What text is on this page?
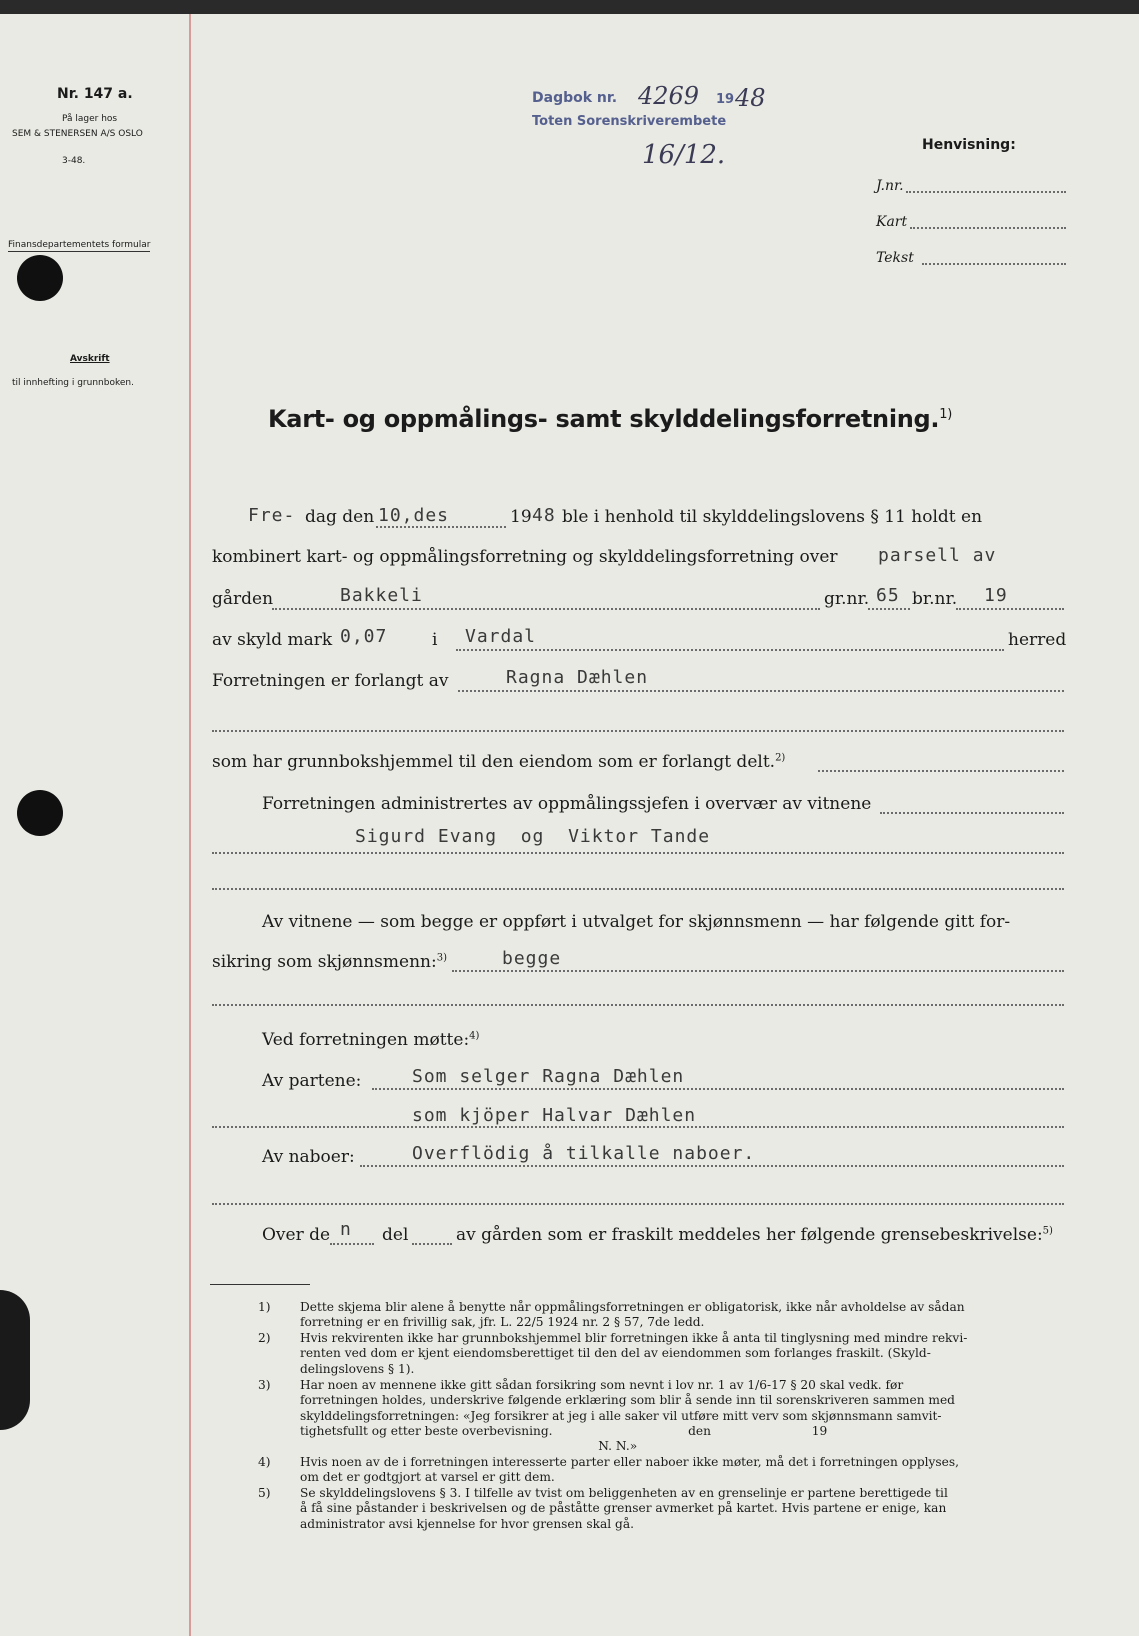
Nr. 147 a.
På lager hos
SEM & STENERSEN A/S OSLO
3-48.
Finansdepartementets formular
Avskrift
til innhefting i grunnboken.
Dagbok nr. 4269 19 48
Toten Sorenskriverembete
16/12.	Henvisning:
J.nr.
Kart
Tekst
Kart- og oppmålings- samt skylddelingsforretning.$^{1)}$
Fre- dag den 10,des	19 48 ble i henhold til skylddelingslovens § 11 holdt en
kombinert kart- og oppmålingsforretning og skylddelingsforretning over parsell av
gården	Bakkeli	gr.nr. 65 br.nr. 19
av skyld mark 0,07	i Vardal	herred
Forretningen er forlangt av	Ragna Dæhlen
som har grunnbokshjemmel til den eiendom som er forlangt delt.$^{2)}$
Forretningen administrertes av oppmålingssjefen i overvær av vitnene
Sigurd Evang  og  Viktor Tande
Av vitnene — som begge er oppført i utvalget for skjønnsmenn — har følgende gitt for-
sikring som skjønnsmenn:$^{3)}$	begge
Ved forretningen møtte:$^{4)}$
Av partene:	Som selger Ragna Dæhlen
som kjöper Halvar Dæhlen
Av naboer:	Overflödig å tilkalle naboer.
Over de n del	av gården som er fraskilt meddeles her følgende grensebeskrivelse:$^{5)}$
1) Dette skjema blir alene å benytte når oppmålingsforretningen er obligatorisk, ikke når avholdelse av sådan
forretning er en frivillig sak, jfr. L. 22/5 1924 nr. 2 § 57, 7de ledd.
2) Hvis rekvirenten ikke har grunnbokshjemmel blir forretningen ikke å anta til tinglysning med mindre rekvi-
renten ved dom er kjent eiendomsberettiget til den del av eiendommen som forlanges fraskilt. (Skyld-
delingslovens § 1).
3) Har noen av mennene ikke gitt sådan forsikring som nevnt i lov nr. 1 av 1/6-17 § 20 skal vedk. før
forretningen holdes, underskrive følgende erklæring som blir å sende inn til sorenskriveren sammen med
skylddelingsforretningen: «Jeg forsikrer at jeg i alle saker vil utføre mitt verv som skjønnsmann samvit-
tighetsfullt og etter beste overbevisning.                                   den                          19
N. N.»
4) Hvis noen av de i forretningen interesserte parter eller naboer ikke møter, må det i forretningen opplyses,
om det er godtgjort at varsel er gitt dem.
5) Se skylddelingslovens § 3. I tilfelle av tvist om beliggenheten av en grenselinje er partene berettigede til
å få sine påstander i beskrivelsen og de påståtte grenser avmerket på kartet. Hvis partene er enige, kan
administrator avsi kjennelse for hvor grensen skal gå.
